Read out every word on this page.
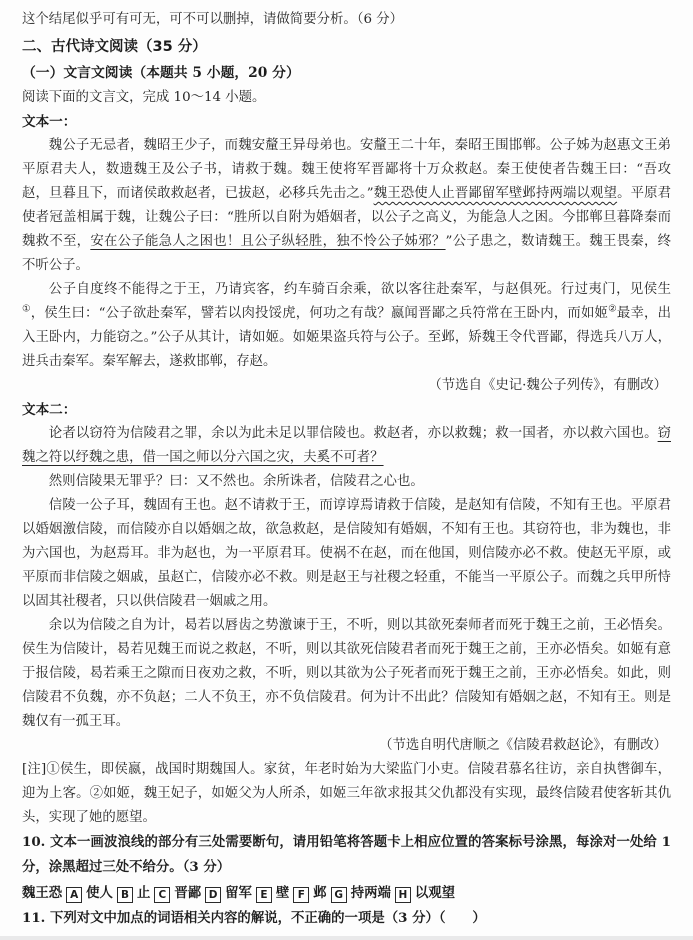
这个结尾似乎可有可无，可不可以删掉，请做简要分析。（6 分）

二、古代诗文阅读（35 分）

（一）文言文阅读（本题共 5 小题，20 分）

阅读下面的文言文，完成 10～14 小题。

文本一：

魏公子无忌者，魏昭王少子，而魏安釐王异母弟也。安釐王二十年，秦昭王围邯郸。公子姊为赵惠文王弟平原君夫人，数遗魏王及公子书，请救于魏。魏王使将军晋鄙将十万众救赵。秦王使使者告魏王曰：“吾攻赵，旦暮且下，而诸侯敢救赵者，已拔赵，必移兵先击之。”魏王恐使人止晋鄙留军壁邺持两端以观望。平原君使者冠盖相属于魏，让魏公子曰：“胜所以自附为婚姻者，以公子之高义，为能急人之困。今邯郸旦暮降秦而魏救不至，安在公子能急人之困也！且公子纵轻胜，独不怜公子姊邪？”公子患之，数请魏王。魏王畏秦，终不听公子。

公子自度终不能得之于王，乃请宾客，约车骑百余乘，欲以客往赴秦军，与赵俱死。行过夷门，见侯生①，侯生曰：“公子欲赴秦军，譬若以肉投馁虎，何功之有哉？嬴闻晋鄙之兵符常在王卧内，而如姬②最幸，出入王卧内，力能窃之。”公子从其计，请如姬。如姬果盗兵符与公子。至邺，矫魏王令代晋鄙，得选兵八万人，进兵击秦军。秦军解去，遂救邯郸，存赵。

（节选自《史记·魏公子列传》，有删改）

文本二：

论者以窃符为信陵君之罪，余以为此未足以罪信陵也。救赵者，亦以救魏；救一国者，亦以救六国也。窃魏之符以纾魏之患，借一国之师以分六国之灾，夫奚不可者？

然则信陵果无罪乎？曰：又不然也。余所诛者，信陵君之心也。

信陵一公子耳，魏固有王也。赵不请救于王，而谆谆焉请救于信陵，是赵知有信陵，不知有王也。平原君以婚姻激信陵，而信陵亦自以婚姻之故，欲急救赵，是信陵知有婚姻，不知有王也。其窃符也，非为魏也，非为六国也，为赵焉耳。非为赵也，为一平原君耳。使祸不在赵，而在他国，则信陵亦必不救。使赵无平原，或平原而非信陵之姻戚，虽赵亡，信陵亦必不救。则是赵王与社稷之轻重，不能当一平原公子。而魏之兵甲所恃以固其社稷者，只以供信陵君一姻戚之用。

余以为信陵之自为计，曷若以唇齿之势激谏于王，不听，则以其欲死秦师者而死于魏王之前，王必悟矣。侯生为信陵计，曷若见魏王而说之救赵，不听，则以其欲死信陵君者而死于魏王之前，王亦必悟矣。如姬有意于报信陵，曷若乘王之隙而日夜劝之救，不听，则以其欲为公子死者而死于魏王之前，王亦必悟矣。如此，则信陵君不负魏，亦不负赵；二人不负王，亦不负信陵君。何为计不出此？信陵知有婚姻之赵，不知有王。则是魏仅有一孤王耳。

（节选自明代唐顺之《信陵君救赵论》，有删改）

[注]①侯生，即侯嬴，战国时期魏国人。家贫，年老时始为大梁监门小吏。信陵君慕名往访，亲自执辔御车，迎为上客。②如姬，魏王妃子，如姬父为人所杀，如姬三年欲求报其父仇都没有实现，最终信陵君使客斩其仇头，实现了她的愿望。

10. 文本一画波浪线的部分有三处需要断句，请用铅笔将答题卡上相应位置的答案标号涂黑，每涂对一处给 1 分，涂黑超过三处不给分。（3 分）

魏王恐 A 使人 B 止 C 晋鄙 D 留军 E 壁 F 邺 G 持两端 H 以观望

11. 下列对文中加点的词语相关内容的解说，不正确的一项是（3 分）（　　）
